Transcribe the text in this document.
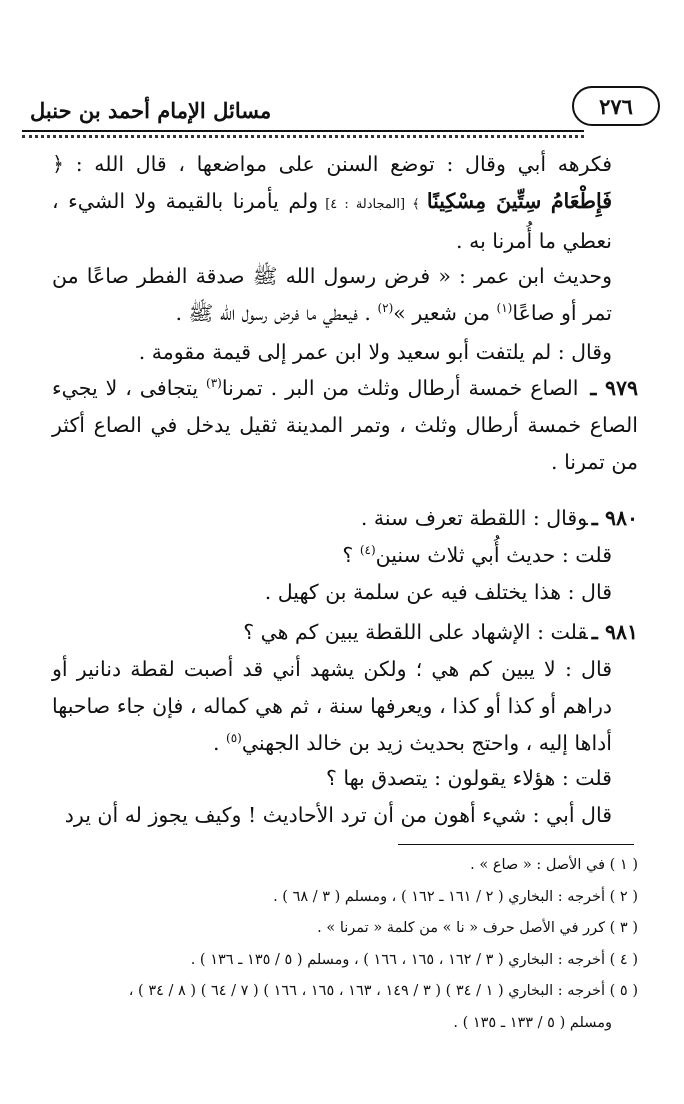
مسائل الإمام أحمد بن حنبل	٢٧٦
فكرهه أبي وقال : توضع السنن على مواضعها ، قال الله : ﴿ فَإِطْعَامُ سِتِّينَ مِسْكِينًا ﴾ [المجادلة : ٤] ولم يأمرنا بالقيمة ولا الشيء ، نعطي ما أُمرنا به .
وحديث ابن عمر : « فرض رسول الله ﷺ صدقة الفطر صاعًا من تمر أو صاعًا$^{(١)}$ من شعير »$^{(٢)}$ . فيعطي ما فرض رسول الله ﷺ .
وقال : لم يلتفت أبو سعيد ولا ابن عمر إلى قيمة مقومة .
٩٧٩ ـ الصاع خمسة أرطال وثلث من البر . تمرنا$^{(٣)}$ يتجافى ، لا يجيء الصاع خمسة أرطال وثلث ، وتمر المدينة ثقيل يدخل في الصاع أكثر من تمرنا .
٩٨٠ ـوقال : اللقطة تعرف سنة .
قلت : حديث أُبي ثلاث سنين$^{(٤)}$ ؟
قال : هذا يختلف فيه عن سلمة بن كهيل .
٩٨١ ـقلت : الإشهاد على اللقطة يبين كم هي ؟
قال : لا يبين كم هي ؛ ولكن يشهد أني قد أصبت لقطة دنانير أو دراهم أو كذا أو كذا ، ويعرفها سنة ، ثم هي كماله ، فإن جاء صاحبها أداها إليه ، واحتج بحديث زيد بن خالد الجهني$^{(٥)}$ .
قلت : هؤلاء يقولون : يتصدق بها ؟
قال أبي : شيء أهون من أن ترد الأحاديث ! وكيف يجوز له أن يرد
( ١ ) في الأصل : « صاع » .
( ٢ ) أخرجه : البخاري ( ٢ / ١٦١ ـ ١٦٢ ) ، ومسلم ( ٣ / ٦٨ ) .
( ٣ ) كرر في الأصل حرف « نا » من كلمة « تمرنا » .
( ٤ ) أخرجه : البخاري ( ٣ / ١٦٢ ، ١٦٥ ، ١٦٦ ) ، ومسلم ( ٥ / ١٣٥ ـ ١٣٦ ) .
( ٥ ) أخرجه : البخاري ( ١ / ٣٤ ) ( ٣ / ١٤٩ ، ١٦٣ ، ١٦٥ ، ١٦٦ ) ( ٧ / ٦٤ ) ( ٨ / ٣٤ ) ،
ومسلم ( ٥ / ١٣٣ ـ ١٣٥ ) .
